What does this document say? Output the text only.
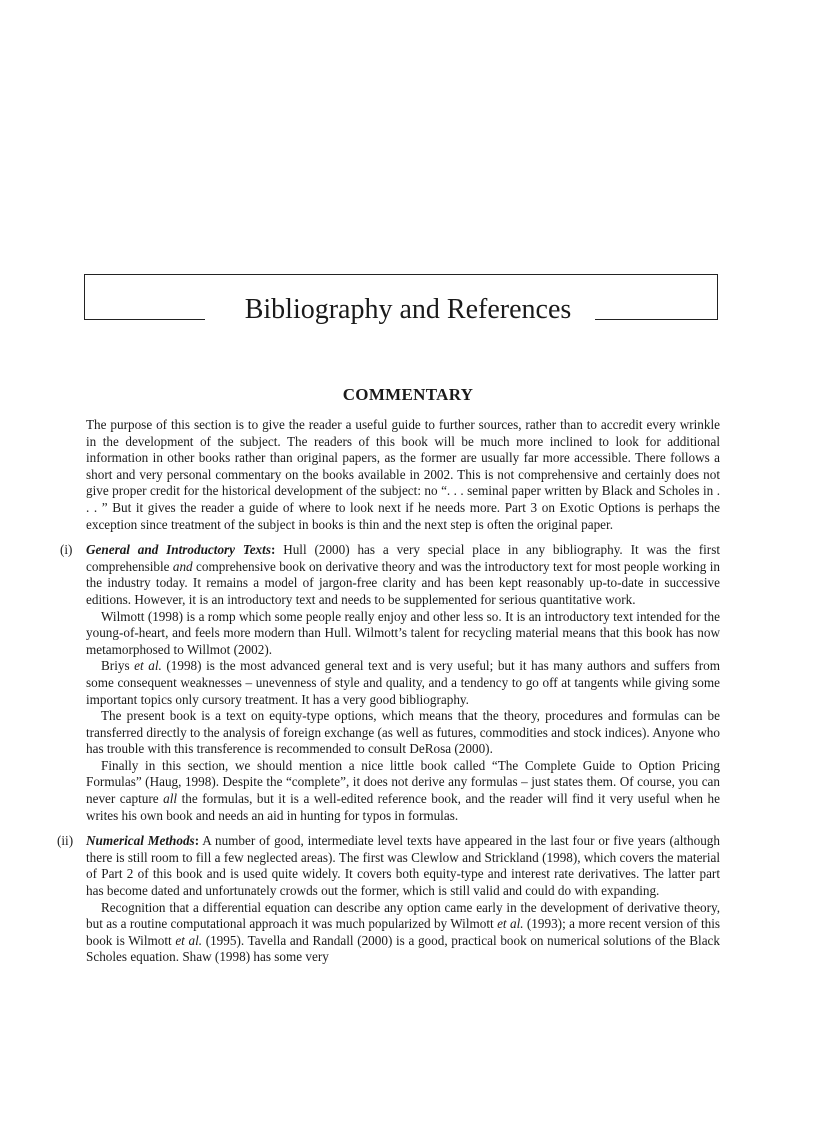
Bibliography and References
COMMENTARY

The purpose of this section is to give the reader a useful guide to further sources, rather than to accredit every wrinkle in the development of the subject. The readers of this book will be much more inclined to look for additional information in other books rather than original papers, as the former are usually far more accessible. There follows a short and very personal commentary on the books available in 2002. This is not comprehensive and certainly does not give proper credit for the historical development of the subject: no “. . . seminal paper written by Black and Scholes in . . . ” But it gives the reader a guide of where to look next if he needs more. Part 3 on Exotic Options is perhaps the exception since treatment of the subject in books is thin and the next step is often the original paper.

(i) General and Introductory Texts: Hull (2000) has a very special place in any bibliography. It was the first comprehensible and comprehensive book on derivative theory and was the introductory text for most people working in the industry today. It remains a model of jargon-free clarity and has been kept reasonably up-to-date in successive editions. However, it is an introductory text and needs to be supplemented for serious quantitative work.

Wilmott (1998) is a romp which some people really enjoy and other less so. It is an introductory text intended for the young-of-heart, and feels more modern than Hull. Wilmott’s talent for recycling material means that this book has now metamorphosed to Willmot (2002).

Briys et al. (1998) is the most advanced general text and is very useful; but it has many authors and suffers from some consequent weaknesses – unevenness of style and quality, and a tendency to go off at tangents while giving some important topics only cursory treatment. It has a very good bibliography.

The present book is a text on equity-type options, which means that the theory, procedures and formulas can be transferred directly to the analysis of foreign exchange (as well as futures, commodities and stock indices). Anyone who has trouble with this transference is recommended to consult DeRosa (2000).

Finally in this section, we should mention a nice little book called “The Complete Guide to Option Pricing Formulas” (Haug, 1998). Despite the “complete”, it does not derive any formulas – just states them. Of course, you can never capture all the formulas, but it is a well-edited reference book, and the reader will find it very useful when he writes his own book and needs an aid in hunting for typos in formulas.

(ii) Numerical Methods: A number of good, intermediate level texts have appeared in the last four or five years (although there is still room to fill a few neglected areas). The first was Clewlow and Strickland (1998), which covers the material of Part 2 of this book and is used quite widely. It covers both equity-type and interest rate derivatives. The latter part has become dated and unfortunately crowds out the former, which is still valid and could do with expanding.

Recognition that a differential equation can describe any option came early in the development of derivative theory, but as a routine computational approach it was much popularized by Wilmott et al. (1993); a more recent version of this book is Wilmott et al. (1995). Tavella and Randall (2000) is a good, practical book on numerical solutions of the Black Scholes equation. Shaw (1998) has some very
